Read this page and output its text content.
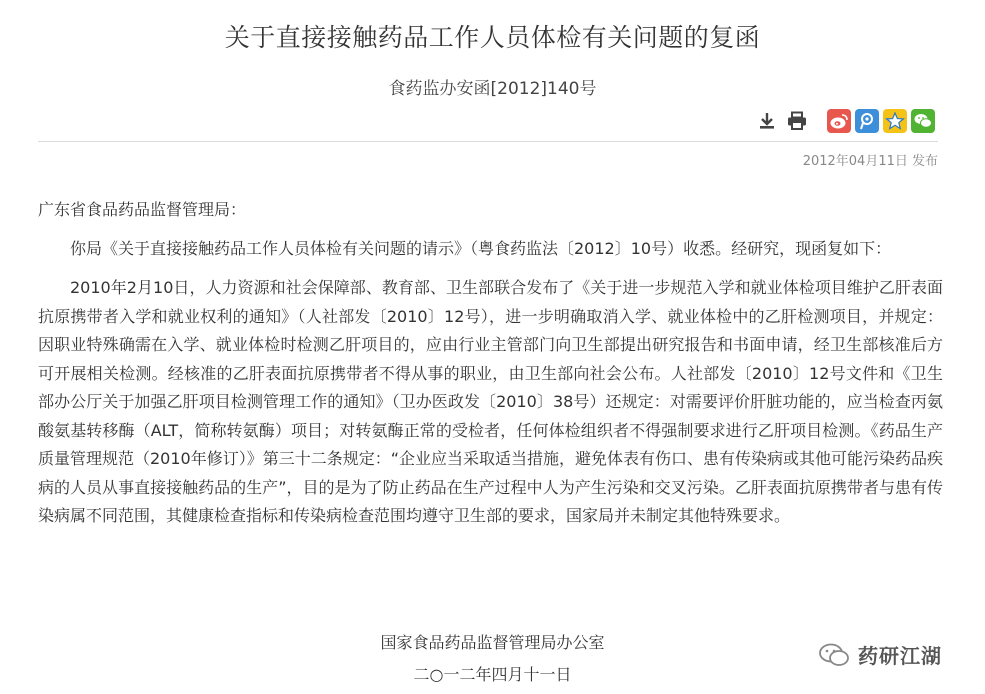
关于直接接触药品工作人员体检有关问题的复函
食药监办安函[2012]140号
2012年04月11日 发布

广东省食品药品监督管理局：

你局《关于直接接触药品工作人员体检有关问题的请示》（粤食药监法〔2012〕10号）收悉。经研究，现函复如下：

2010年2月10日，人力资源和社会保障部、教育部、卫生部联合发布了《关于进一步规范入学和就业体检项目维护乙肝表面抗原携带者入学和就业权利的通知》（人社部发〔2010〕12号），进一步明确取消入学、就业体检中的乙肝检测项目，并规定：因职业特殊确需在入学、就业体检时检测乙肝项目的，应由行业主管部门向卫生部提出研究报告和书面申请，经卫生部核准后方可开展相关检测。经核准的乙肝表面抗原携带者不得从事的职业，由卫生部向社会公布。人社部发〔2010〕12号文件和《卫生部办公厅关于加强乙肝项目检测管理工作的通知》（卫办医政发〔2010〕38号）还规定：对需要评价肝脏功能的，应当检查丙氨酸氨基转移酶（ALT，简称转氨酶）项目；对转氨酶正常的受检者，任何体检组织者不得强制要求进行乙肝项目检测。《药品生产质量管理规范（2010年修订）》第三十二条规定：“企业应当采取适当措施，避免体表有伤口、患有传染病或其他可能污染药品疾病的人员从事直接接触药品的生产”，目的是为了防止药品在生产过程中人为产生污染和交叉污染。乙肝表面抗原携带者与患有传染病属不同范围，其健康检查指标和传染病检查范围均遵守卫生部的要求，国家局并未制定其他特殊要求。

国家食品药品监督管理局办公室
二○一二年四月十一日
药研江湖
